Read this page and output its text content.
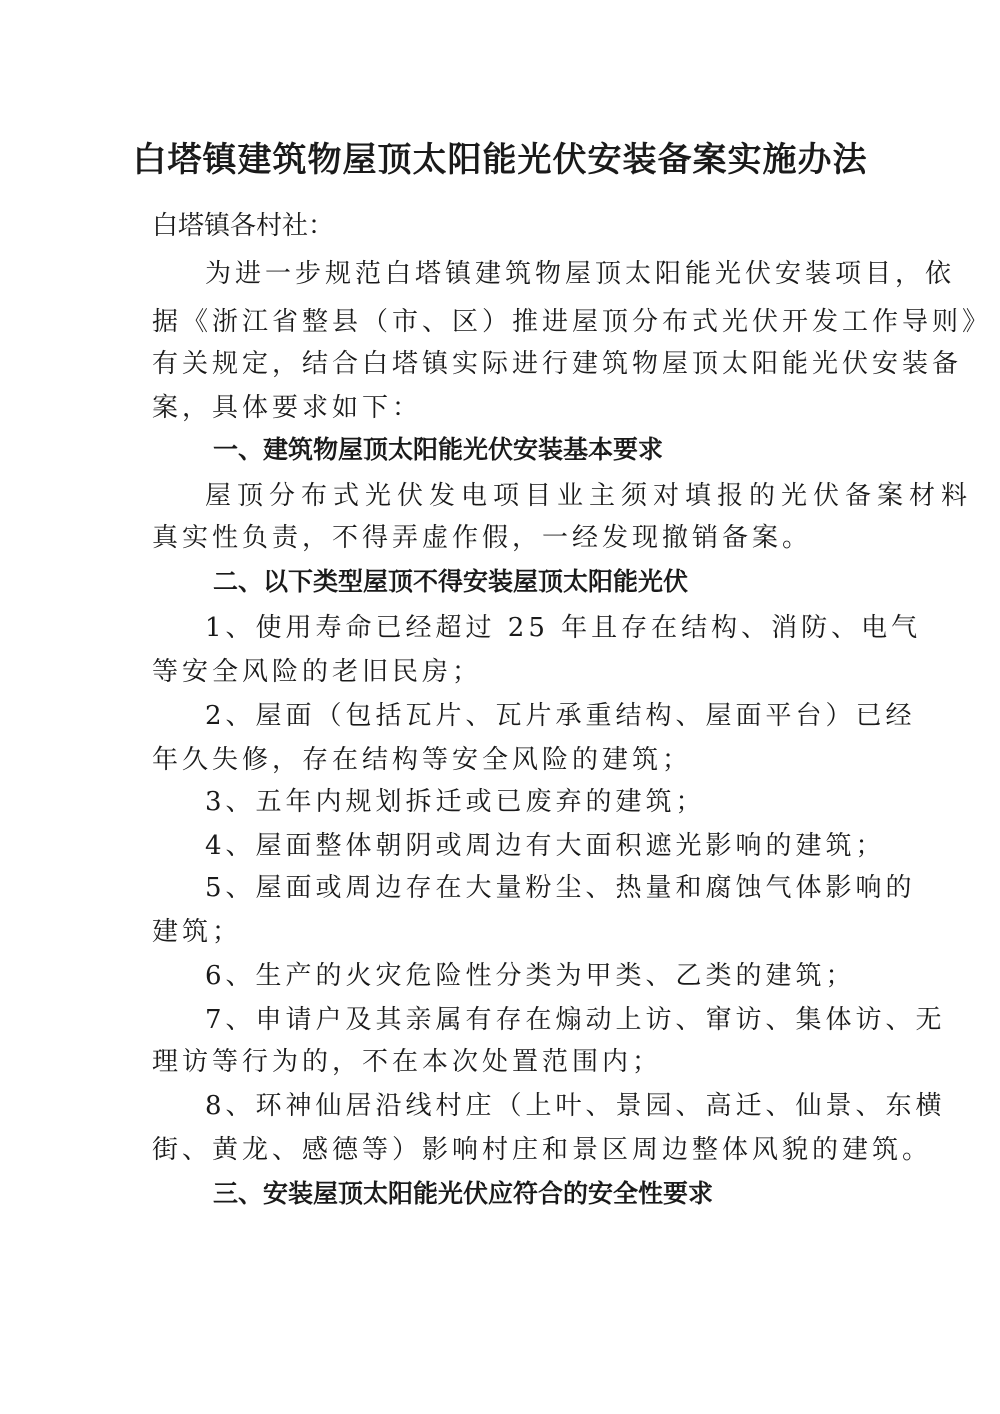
白塔镇建筑物屋顶太阳能光伏安装备案实施办法

白塔镇各村社：

为进一步规范白塔镇建筑物屋顶太阳能光伏安装项目，依

据《浙江省整县（市、区）推进屋顶分布式光伏开发工作导则》

有关规定，结合白塔镇实际进行建筑物屋顶太阳能光伏安装备

案，具体要求如下：

一、建筑物屋顶太阳能光伏安装基本要求

屋顶分布式光伏发电项目业主须对填报的光伏备案材料

真实性负责，不得弄虚作假，一经发现撤销备案。

二、以下类型屋顶不得安装屋顶太阳能光伏

1、使用寿命已经超过 25 年且存在结构、消防、电气

等安全风险的老旧民房；

2、屋面（包括瓦片、瓦片承重结构、屋面平台）已经

年久失修，存在结构等安全风险的建筑；

3、五年内规划拆迁或已废弃的建筑；

4、屋面整体朝阴或周边有大面积遮光影响的建筑；

5、屋面或周边存在大量粉尘、热量和腐蚀气体影响的

建筑；

6、生产的火灾危险性分类为甲类、乙类的建筑；

7、申请户及其亲属有存在煽动上访、窜访、集体访、无

理访等行为的，不在本次处置范围内；

8、环神仙居沿线村庄（上叶、景园、高迁、仙景、东横

街、黄龙、感德等）影响村庄和景区周边整体风貌的建筑。

三、安装屋顶太阳能光伏应符合的安全性要求
